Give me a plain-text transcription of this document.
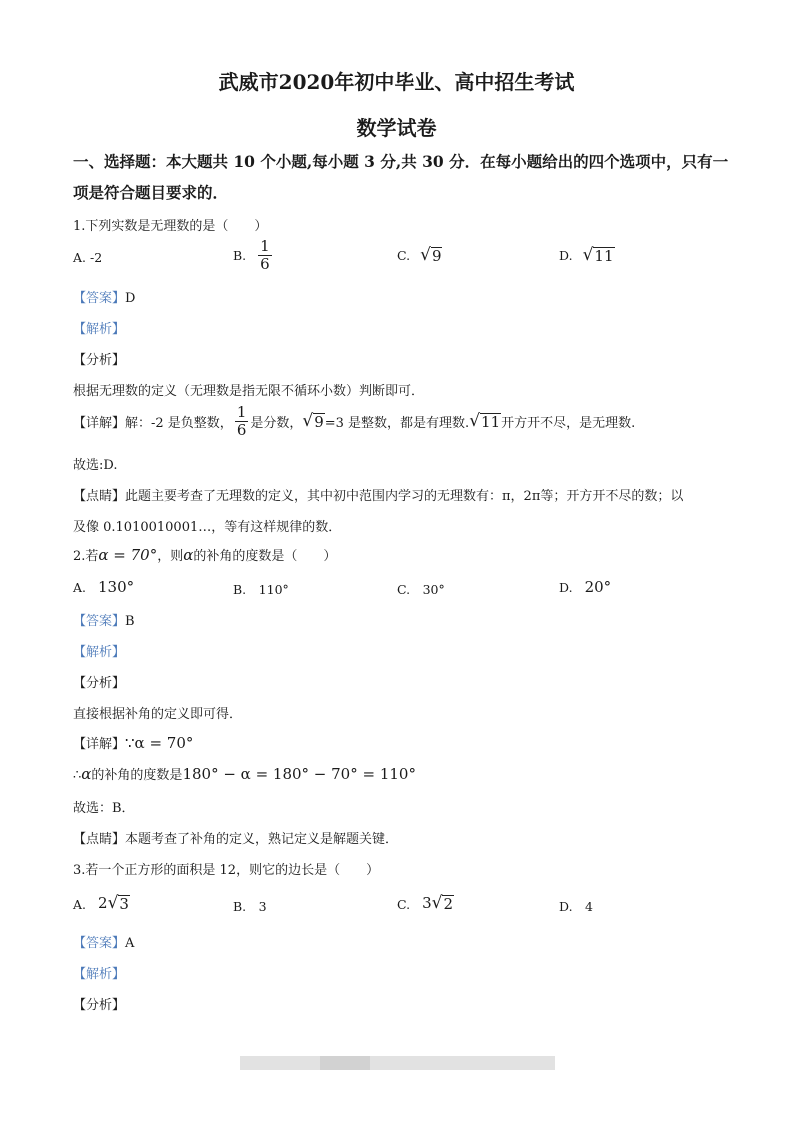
武威市2020年初中毕业、高中招生考试
数学试卷
一、选择题：本大题共 10 个小题,每小题 3 分,共 30 分．在每小题给出的四个选项中，只有一
项是符合题目要求的．
1.下列实数是无理数的是（　　）
A. -2	B. $\frac{1}{6}$	C. √ 9	D. √ 11
【答案】D
【解析】
【分析】
根据无理数的定义（无理数是指无限不循环小数）判断即可．
【详解】 解：-2 是负整数， $\frac{1}{6}$ 是分数， √ 9 =3 是整数，都是有理数. √ 11 开方开不尽，是无理数.
故选:D.
【点睛】此题主要考查了无理数的定义，其中初中范围内学习的无理数有：π，2π等；开方开不尽的数；以
及像 0.1010010001…，等有这样规律的数．
2.若 α = 70° ，则 α 的补角的度数是（　　）
A. 130°	B.　110°	C.　30°	D. 20°
【答案】B
【解析】
【分析】
直接根据补角的定义即可得．
【详解】 ∵α = 70°
∴ α 的补角的度数是 180° − α = 180° − 70° = 110°
故选：B．
【点睛】本题考查了补角的定义，熟记定义是解题关键．
3.若一个正方形的面积是 12，则它的边长是（　　）
A. 2 √ 3	B.　3	C. 3 √ 2	D.　4
【答案】A
【解析】
【分析】
